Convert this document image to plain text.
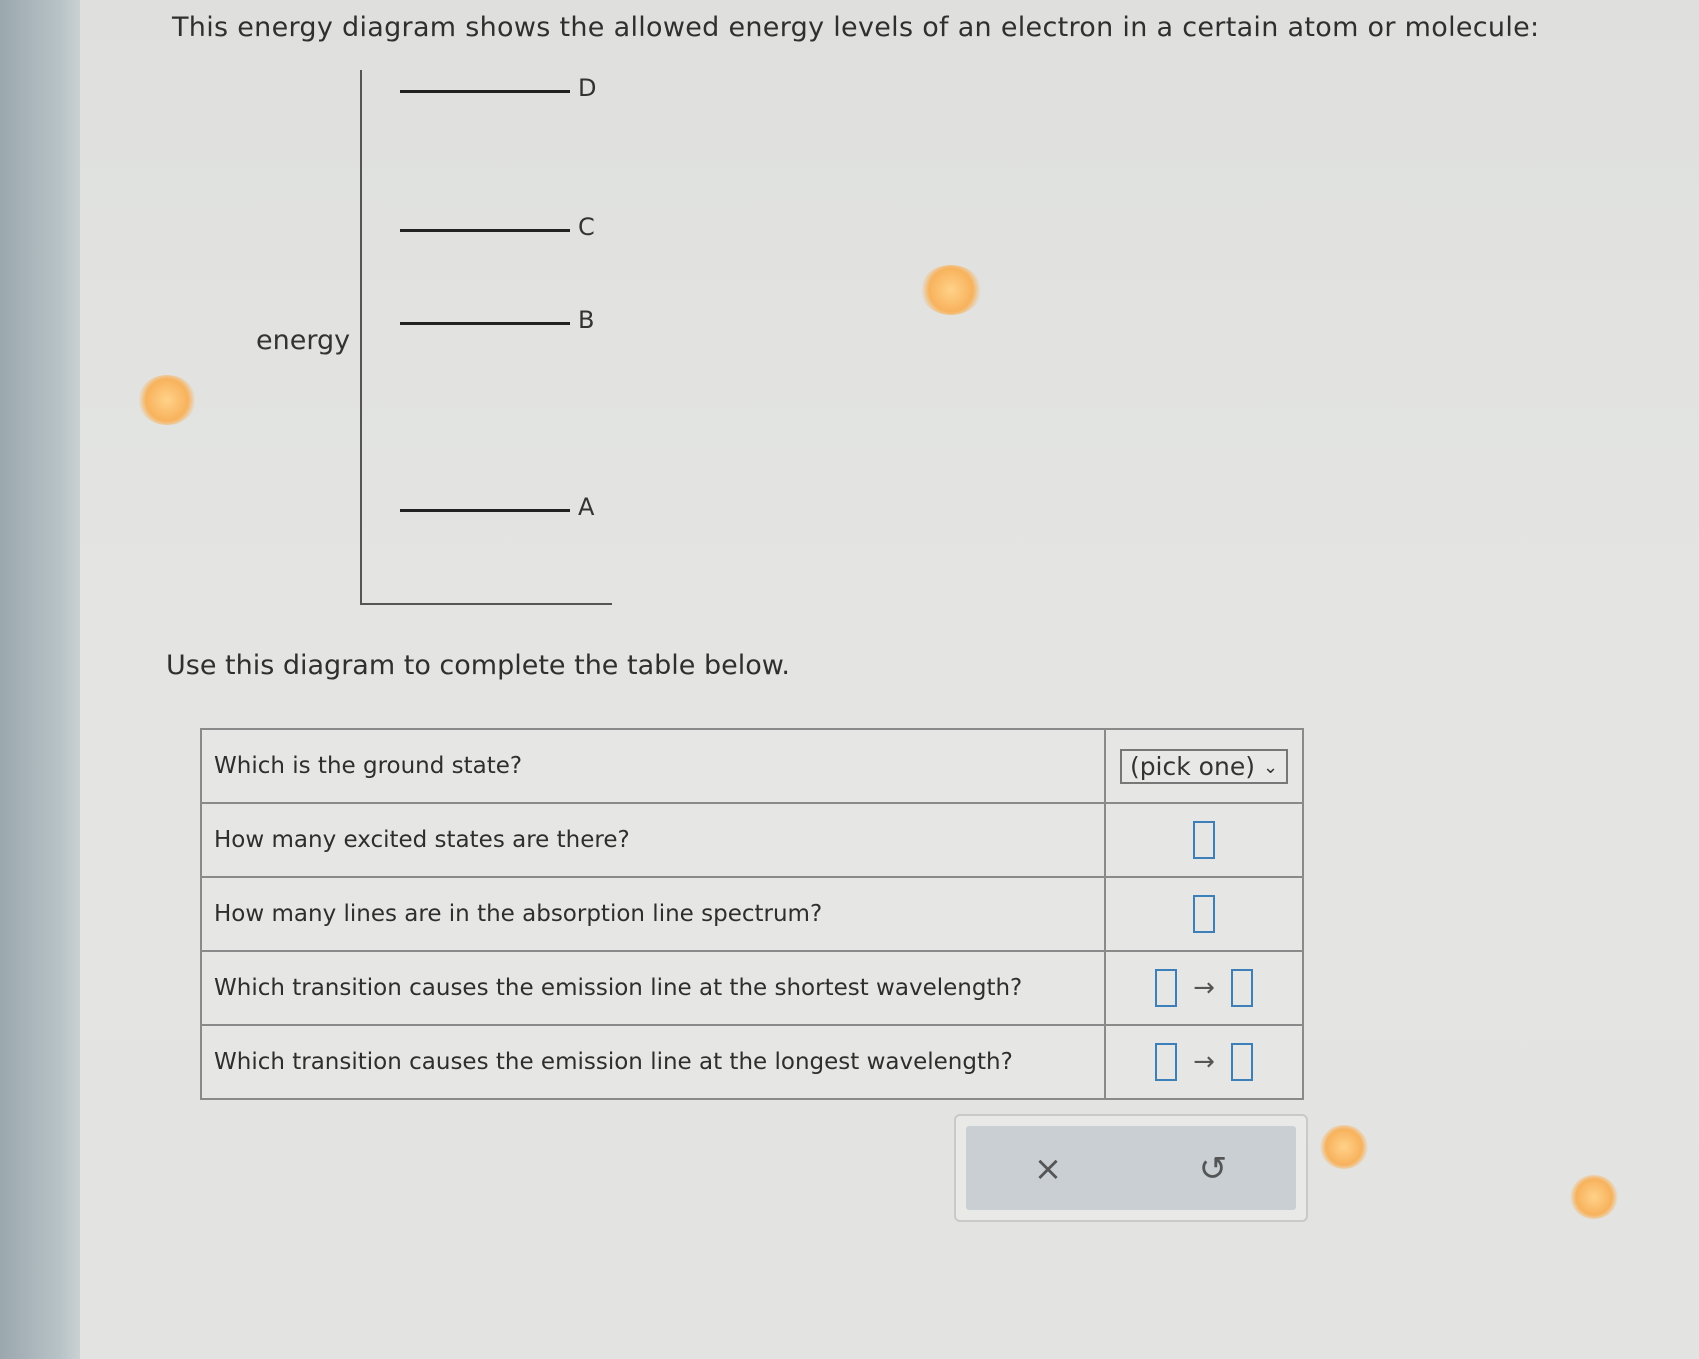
This energy diagram shows the allowed energy levels of an electron in a certain atom or molecule:
energy
D
C
B
A
Use this diagram to complete the table below.
Which is the ground state?	(pick one) ⌄
How many excited states are there?	
How many lines are in the absorption line spectrum?	
Which transition causes the emission line at the shortest wavelength?	→
Which transition causes the emission line at the longest wavelength?	→
×	↺
